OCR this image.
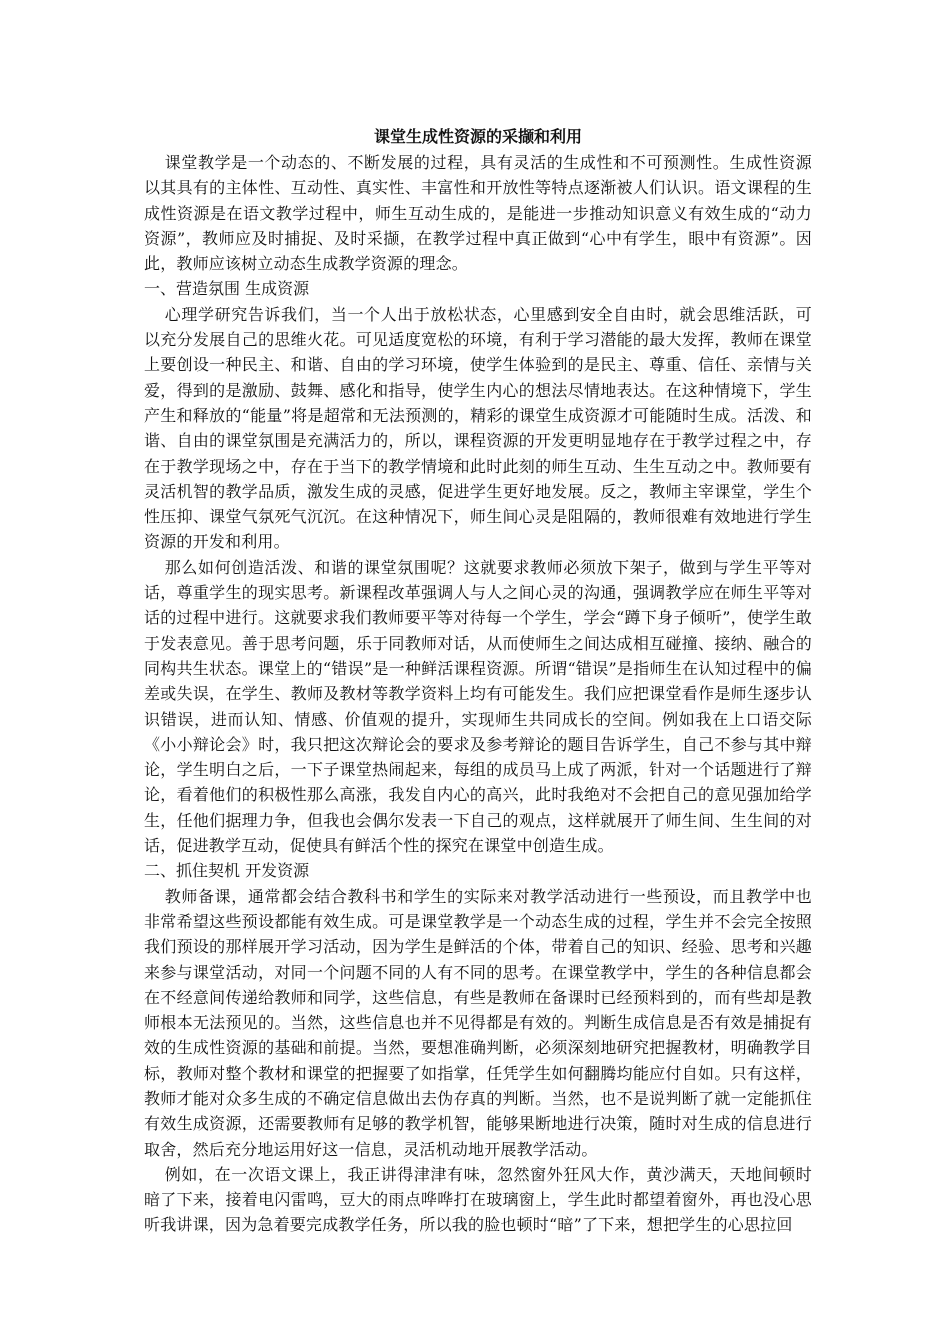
课堂生成性资源的采撷和利用

课堂教学是一个动态的、不断发展的过程，具有灵活的生成性和不可预测性。生成性资源以其具有的主体性、互动性、真实性、丰富性和开放性等特点逐渐被人们认识。语文课程的生成性资源是在语文教学过程中，师生互动生成的，是能进一步推动知识意义有效生成的“动力资源”，教师应及时捕捉、及时采撷，在教学过程中真正做到“心中有学生，眼中有资源”。因此，教师应该树立动态生成教学资源的理念。

一、营造氛围 生成资源

心理学研究告诉我们，当一个人出于放松状态，心里感到安全自由时，就会思维活跃，可以充分发展自己的思维火花。可见适度宽松的环境，有利于学习潜能的最大发挥，教师在课堂上要创设一种民主、和谐、自由的学习环境，使学生体验到的是民主、尊重、信任、亲情与关爱，得到的是激励、鼓舞、感化和指导，使学生内心的想法尽情地表达。在这种情境下，学生产生和释放的“能量”将是超常和无法预测的，精彩的课堂生成资源才可能随时生成。活泼、和谐、自由的课堂氛围是充满活力的，所以，课程资源的开发更明显地存在于教学过程之中，存在于教学现场之中，存在于当下的教学情境和此时此刻的师生互动、生生互动之中。教师要有灵活机智的教学品质，激发生成的灵感，促进学生更好地发展。反之，教师主宰课堂，学生个性压抑、课堂气氛死气沉沉。在这种情况下，师生间心灵是阻隔的，教师很难有效地进行学生资源的开发和利用。

那么如何创造活泼、和谐的课堂氛围呢？这就要求教师必须放下架子，做到与学生平等对话，尊重学生的现实思考。新课程改革强调人与人之间心灵的沟通，强调教学应在师生平等对话的过程中进行。这就要求我们教师要平等对待每一个学生，学会“蹲下身子倾听”，使学生敢于发表意见。善于思考问题，乐于同教师对话，从而使师生之间达成相互碰撞、接纳、融合的同构共生状态。课堂上的“错误”是一种鲜活课程资源。所谓“错误”是指师生在认知过程中的偏差或失误，在学生、教师及教材等教学资料上均有可能发生。我们应把课堂看作是师生逐步认识错误，进而认知、情感、价值观的提升，实现师生共同成长的空间。例如我在上口语交际《小小辩论会》时，我只把这次辩论会的要求及参考辩论的题目告诉学生，自己不参与其中辩论，学生明白之后，一下子课堂热闹起来，每组的成员马上成了两派，针对一个话题进行了辩论，看着他们的积极性那么高涨，我发自内心的高兴，此时我绝对不会把自己的意见强加给学生，任他们据理力争，但我也会偶尔发表一下自己的观点，这样就展开了师生间、生生间的对话，促进教学互动，促使具有鲜活个性的探究在课堂中创造生成。

二、抓住契机 开发资源

教师备课，通常都会结合教科书和学生的实际来对教学活动进行一些预设，而且教学中也非常希望这些预设都能有效生成。可是课堂教学是一个动态生成的过程，学生并不会完全按照我们预设的那样展开学习活动，因为学生是鲜活的个体，带着自己的知识、经验、思考和兴趣来参与课堂活动，对同一个问题不同的人有不同的思考。在课堂教学中，学生的各种信息都会在不经意间传递给教师和同学，这些信息，有些是教师在备课时已经预料到的，而有些却是教师根本无法预见的。当然，这些信息也并不见得都是有效的。判断生成信息是否有效是捕捉有效的生成性资源的基础和前提。当然，要想准确判断，必须深刻地研究把握教材，明确教学目标，教师对整个教材和课堂的把握要了如指掌，任凭学生如何翻腾均能应付自如。只有这样，教师才能对众多生成的不确定信息做出去伪存真的判断。当然，也不是说判断了就一定能抓住有效生成资源，还需要教师有足够的教学机智，能够果断地进行决策，随时对生成的信息进行取舍，然后充分地运用好这一信息，灵活机动地开展教学活动。

例如，在一次语文课上，我正讲得津津有味，忽然窗外狂风大作，黄沙满天，天地间顿时暗了下来，接着电闪雷鸣，豆大的雨点哗哗打在玻璃窗上，学生此时都望着窗外，再也没心思听我讲课，因为急着要完成教学任务，所以我的脸也顿时“暗”了下来，想把学生的心思拉回
